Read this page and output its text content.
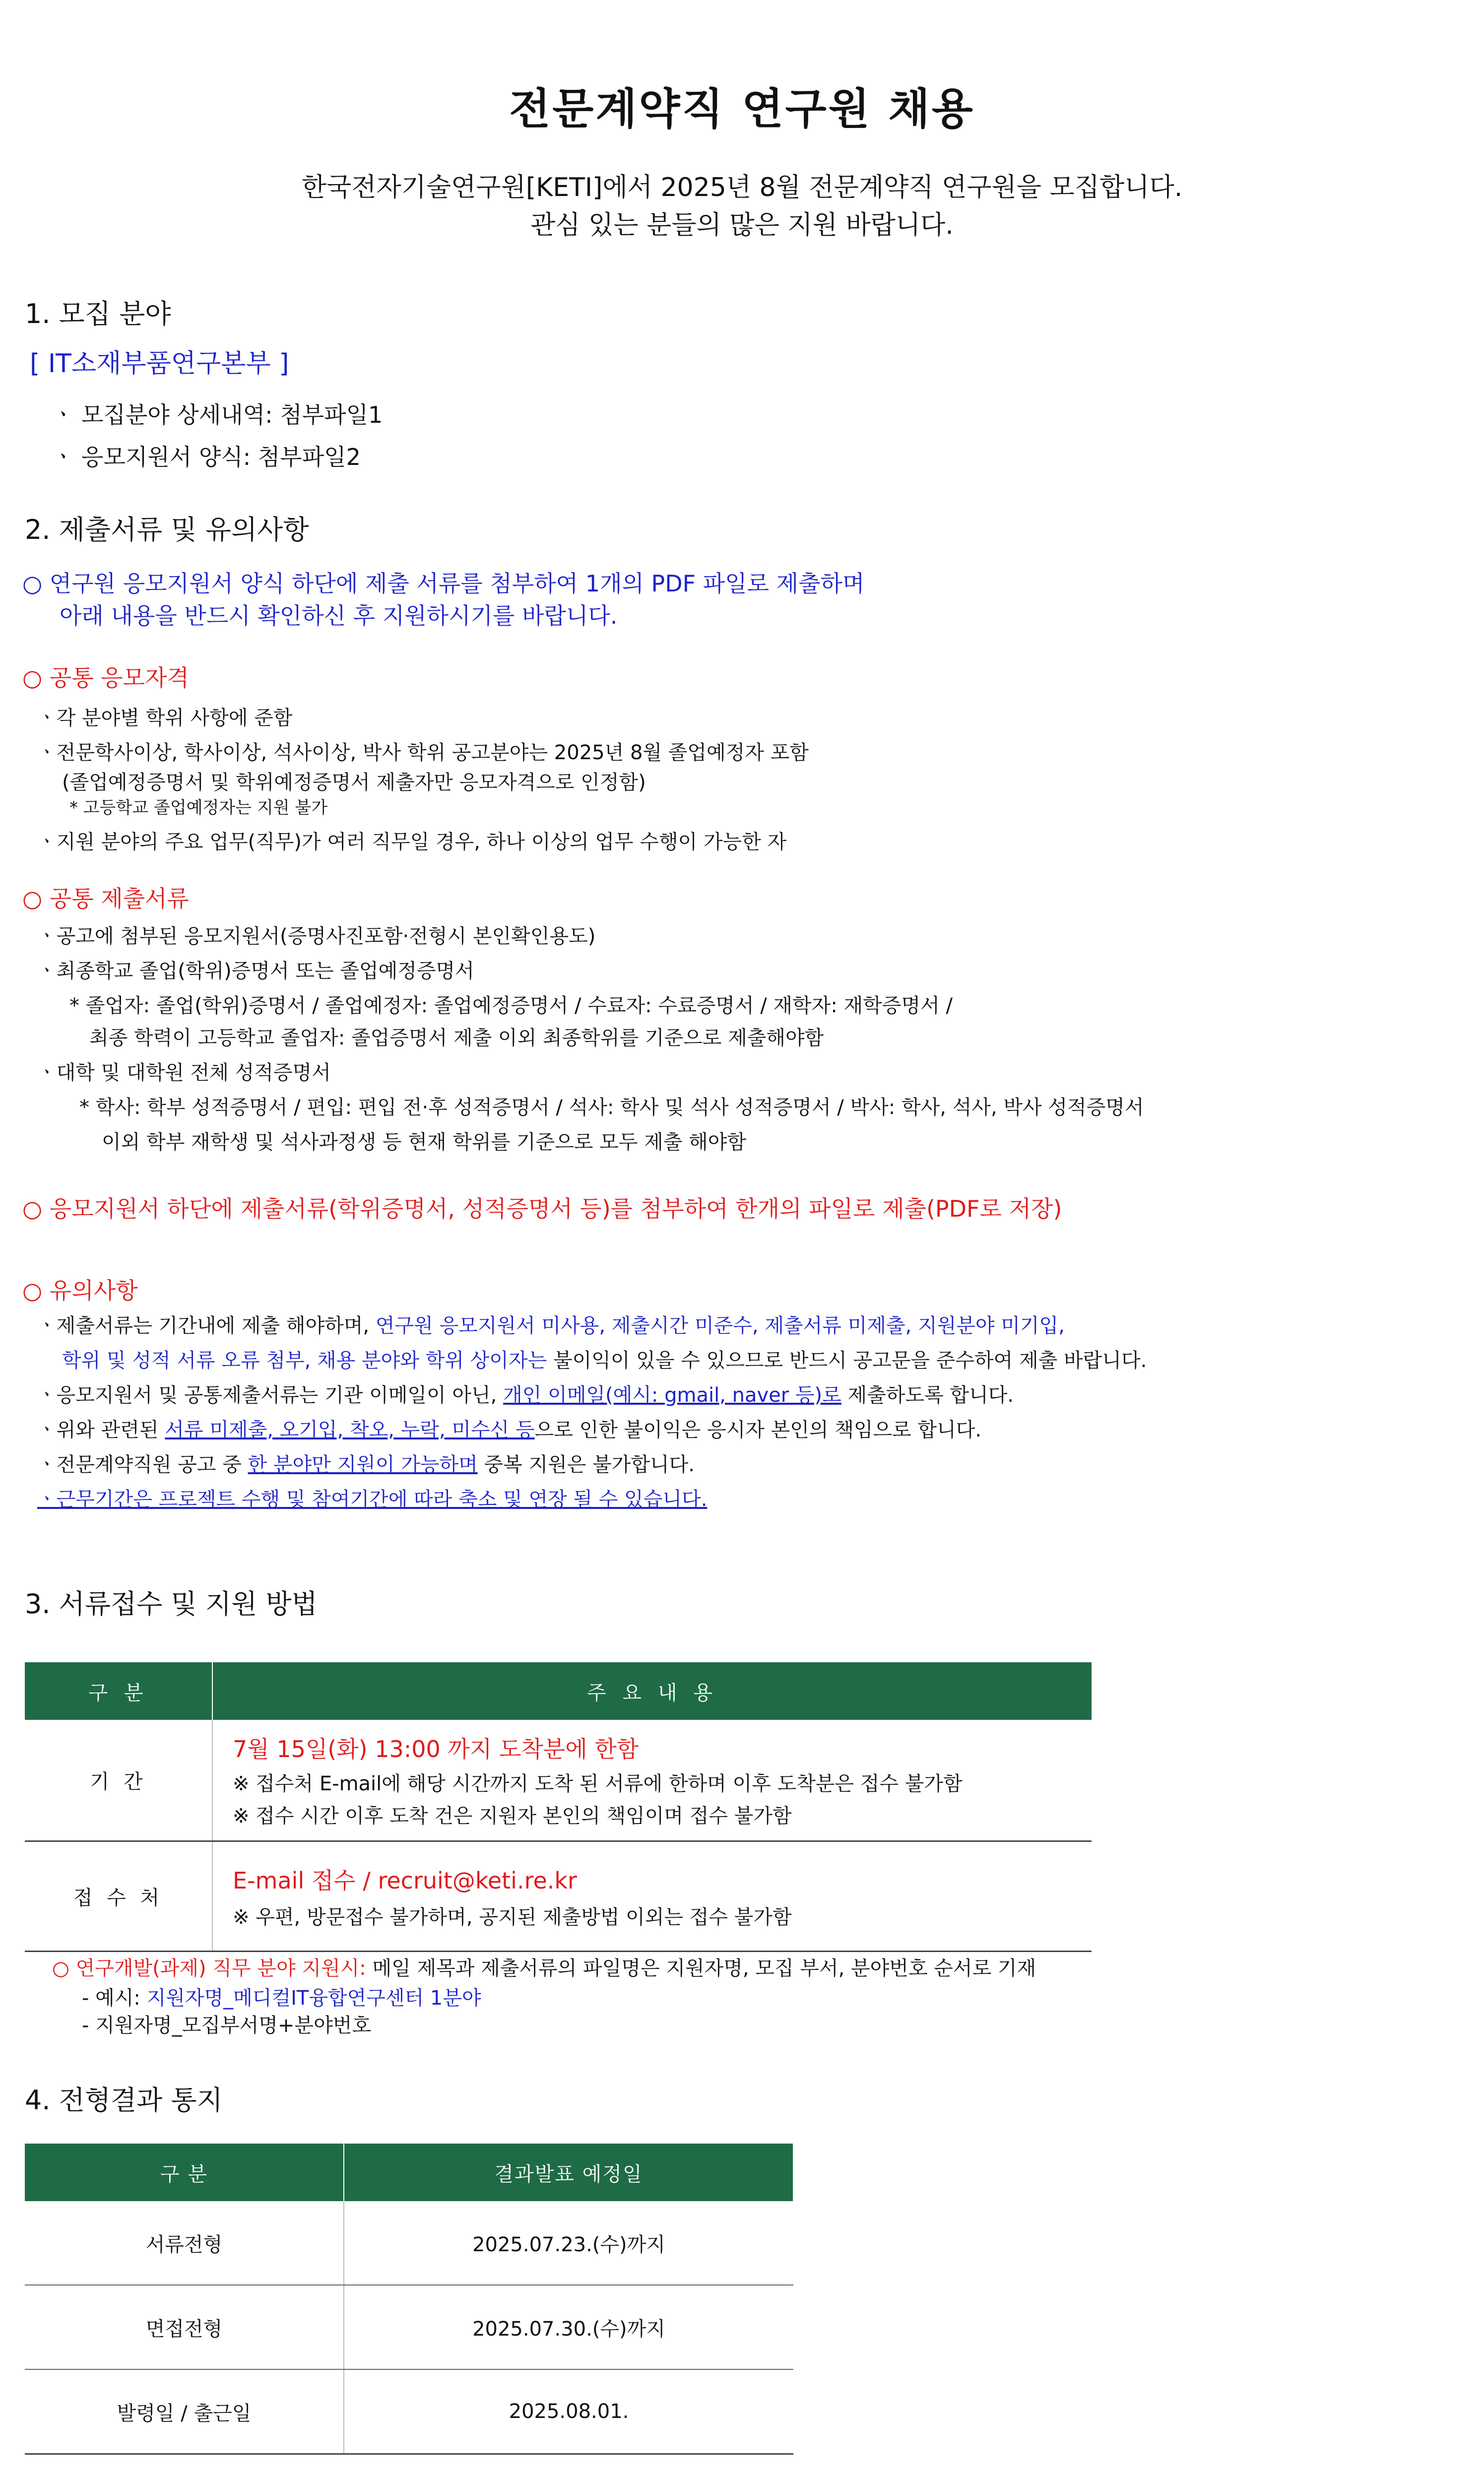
전문계약직 연구원 채용
한국전자기술연구원[KETI]에서 2025년 8월 전문계약직 연구원을 모집합니다.
관심 있는 분들의 많은 지원 바랍니다.
1. 모집 분야
[ IT소재부품연구본부 ]
ㆍ 모집분야 상세내역: 첨부파일1
ㆍ 응모지원서 양식: 첨부파일2
2. 제출서류 및 유의사항
○ 연구원 응모지원서 양식 하단에 제출 서류를 첨부하여 1개의 PDF 파일로 제출하며
아래 내용을 반드시 확인하신 후 지원하시기를 바랍니다.
○ 공통 응모자격
ㆍ각 분야별 학위 사항에 준함
ㆍ전문학사이상, 학사이상, 석사이상, 박사 학위 공고분야는 2025년 8월 졸업예정자 포함
(졸업예정증명서 및 학위예정증명서 제출자만 응모자격으로 인정함)
* 고등학교 졸업예정자는 지원 불가
ㆍ지원 분야의 주요 업무(직무)가 여러 직무일 경우, 하나 이상의 업무 수행이 가능한 자
○ 공통 제출서류
ㆍ공고에 첨부된 응모지원서(증명사진포함·전형시 본인확인용도)
ㆍ최종학교 졸업(학위)증명서 또는 졸업예정증명서
* 졸업자: 졸업(학위)증명서 / 졸업예정자: 졸업예정증명서 / 수료자: 수료증명서 / 재학자: 재학증명서 /
최종 학력이 고등학교 졸업자: 졸업증명서 제출 이외 최종학위를 기준으로 제출해야함
ㆍ대학 및 대학원 전체 성적증명서
* 학사: 학부 성적증명서 / 편입: 편입 전·후 성적증명서 / 석사: 학사 및 석사 성적증명서 / 박사: 학사, 석사, 박사 성적증명서
이외 학부 재학생 및 석사과정생 등 현재 학위를 기준으로 모두 제출 해야함
○ 응모지원서 하단에 제출서류(학위증명서, 성적증명서 등)를 첨부하여 한개의 파일로 제출(PDF로 저장)
○ 유의사항
ㆍ제출서류는 기간내에 제출 해야하며, 연구원 응모지원서 미사용, 제출시간 미준수, 제출서류 미제출, 지원분야 미기입,
학위 및 성적 서류 오류 첨부, 채용 분야와 학위 상이자는 불이익이 있을 수 있으므로 반드시 공고문을 준수하여 제출 바랍니다.
ㆍ응모지원서 및 공통제출서류는 기관 이메일이 아닌, 개인 이메일(예시: gmail, naver 등)로 제출하도록 합니다.
ㆍ위와 관련된 서류 미제출, 오기입, 착오, 누락, 미수신 등으로 인한 불이익은 응시자 본인의 책임으로 합니다.
ㆍ전문계약직원 공고 중 한 분야만 지원이 가능하며 중복 지원은 불가합니다.
ㆍ근무기간은 프로젝트 수행 및 참여기간에 따라 축소 및 연장 될 수 있습니다.
3. 서류접수 및 지원 방법
구 분	주 요 내 용
기 간	7월 15일(화) 13:00 까지 도착분에 한함
※ 접수처 E-mail에 해당 시간까지 도착 된 서류에 한하며 이후 도착분은 접수 불가함
※ 접수 시간 이후 도착 건은 지원자 본인의 책임이며 접수 불가함

접 수 처	E-mail 접수 / recruit@keti.re.kr
※ 우편, 방문접수 불가하며, 공지된 제출방법 이외는 접수 불가함
○ 연구개발(과제) 직무 분야 지원시: 메일 제목과 제출서류의 파일명은 지원자명, 모집 부서, 분야번호 순서로 기재
- 예시: 지원자명_메디컬IT융합연구센터 1분야
- 지원자명_모집부서명+분야번호
4. 전형결과 통지
구 분	결과발표 예정일
서류전형	2025.07.23.(수)까지
면접전형	2025.07.30.(수)까지
발령일 / 출근일	2025.08.01.
